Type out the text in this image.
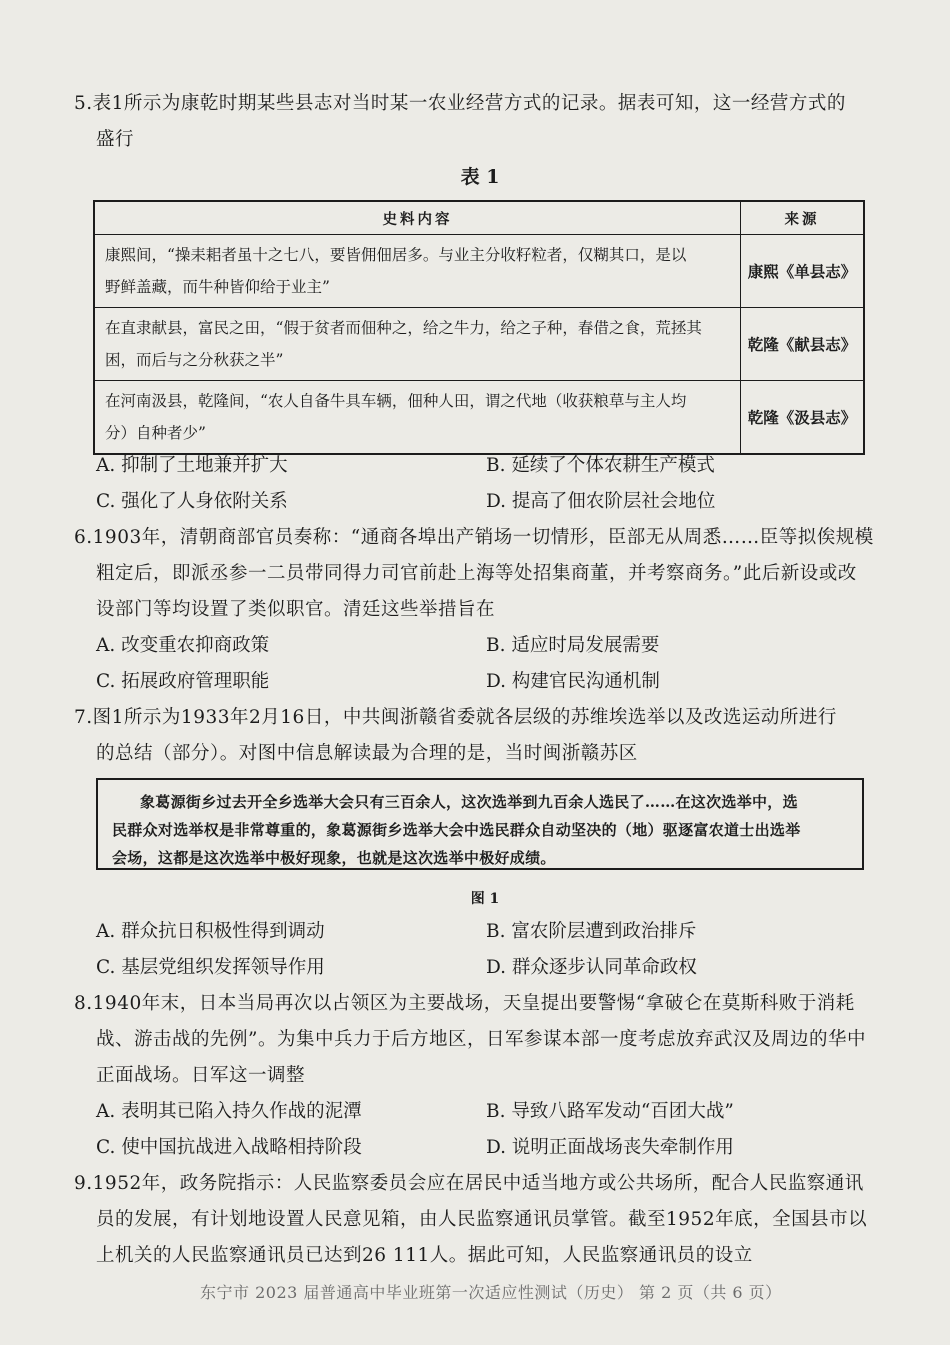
5.表1所示为康乾时期某些县志对当时某一农业经营方式的记录。据表可知，这一经营方式的
盛行
表 1
史料内容	来源

康熙间，“操耒耜者虽十之七八，要皆佣佃居多。与业主分收籽粒者，仅糊其口，是以
野鲜盖藏，而牛种皆仰给于业主”	康熙《单县志》

在直隶献县，富民之田，“假于贫者而佃种之，给之牛力，给之子种，春借之食，荒拯其
困，而后与之分秋获之半”	乾隆《献县志》

在河南汲县，乾隆间，“农人自备牛具车辆，佃种人田，谓之代地（收获粮草与主人均
分）自种者少”	乾隆《汲县志》
A. 抑制了土地兼并扩大	B. 延续了个体农耕生产模式
C. 强化了人身依附关系	D. 提高了佃农阶层社会地位
6.1903年，清朝商部官员奏称：“通商各埠出产销场一切情形，臣部无从周悉……臣等拟俟规模
粗定后，即派丞参一二员带同得力司官前赴上海等处招集商董，并考察商务。”此后新设或改
设部门等均设置了类似职官。清廷这些举措旨在
A. 改变重农抑商政策	B. 适应时局发展需要
C. 拓展政府管理职能	D. 构建官民沟通机制
7.图1所示为1933年2月16日，中共闽浙赣省委就各层级的苏维埃选举以及改选运动所进行
的总结（部分）。对图中信息解读最为合理的是，当时闽浙赣苏区
象葛源街乡过去开全乡选举大会只有三百余人，这次选举到九百余人选民了……在这次选举中，选
民群众对选举权是非常尊重的，象葛源街乡选举大会中选民群众自动坚决的（地）驱逐富农道士出选举
会场，这都是这次选举中极好现象，也就是这次选举中极好成绩。
图 1
A. 群众抗日积极性得到调动	B. 富农阶层遭到政治排斥
C. 基层党组织发挥领导作用	D. 群众逐步认同革命政权
8.1940年末，日本当局再次以占领区为主要战场，天皇提出要警惕“拿破仑在莫斯科败于消耗
战、游击战的先例”。为集中兵力于后方地区，日军参谋本部一度考虑放弃武汉及周边的华中
正面战场。日军这一调整
A. 表明其已陷入持久作战的泥潭	B. 导致八路军发动“百团大战”
C. 使中国抗战进入战略相持阶段	D. 说明正面战场丧失牵制作用
9.1952年，政务院指示：人民监察委员会应在居民中适当地方或公共场所，配合人民监察通讯
员的发展，有计划地设置人民意见箱，由人民监察通讯员掌管。截至1952年底，全国县市以
上机关的人民监察通讯员已达到26 111人。据此可知，人民监察通讯员的设立
东宁市 2023 届普通高中毕业班第一次适应性测试（历史） 第 2 页（共 6 页）
